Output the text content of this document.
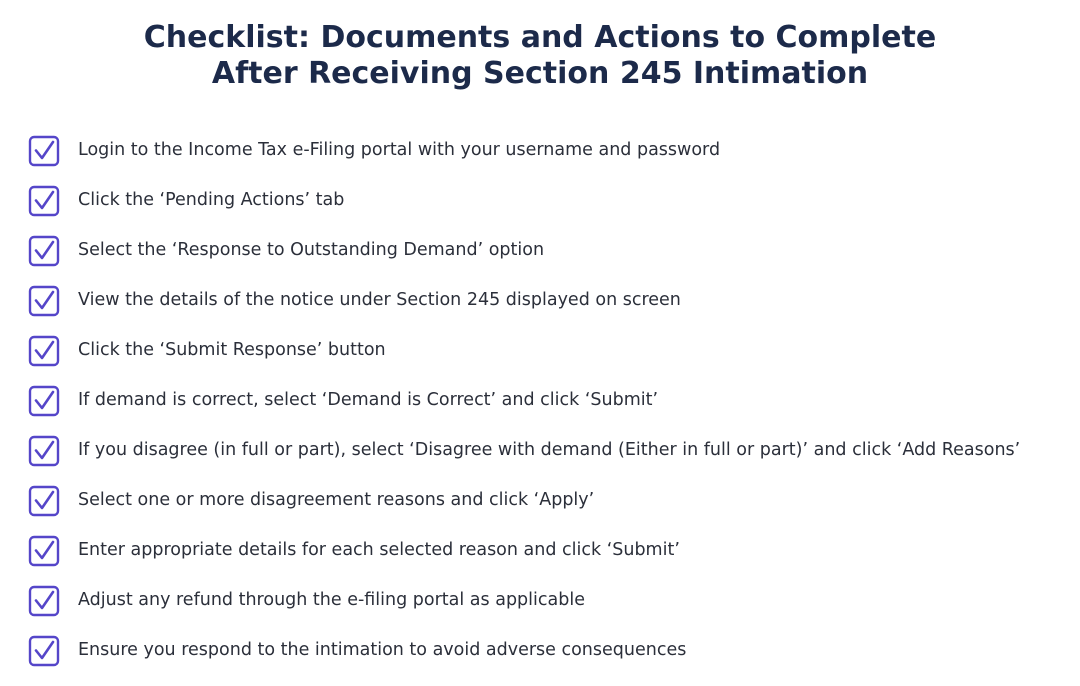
Checklist: Documents and Actions to Complete
After Receiving Section 245 Intimation
Login to the Income Tax e-Filing portal with your username and password
Click the ‘Pending Actions’ tab
Select the ‘Response to Outstanding Demand’ option
View the details of the notice under Section 245 displayed on screen
Click the ‘Submit Response’ button
If demand is correct, select ‘Demand is Correct’ and click ‘Submit’
If you disagree (in full or part), select ‘Disagree with demand (Either in full or part)’ and click ‘Add Reasons’
Select one or more disagreement reasons and click ‘Apply’
Enter appropriate details for each selected reason and click ‘Submit’
Adjust any refund through the e-filing portal as applicable
Ensure you respond to the intimation to avoid adverse consequences
